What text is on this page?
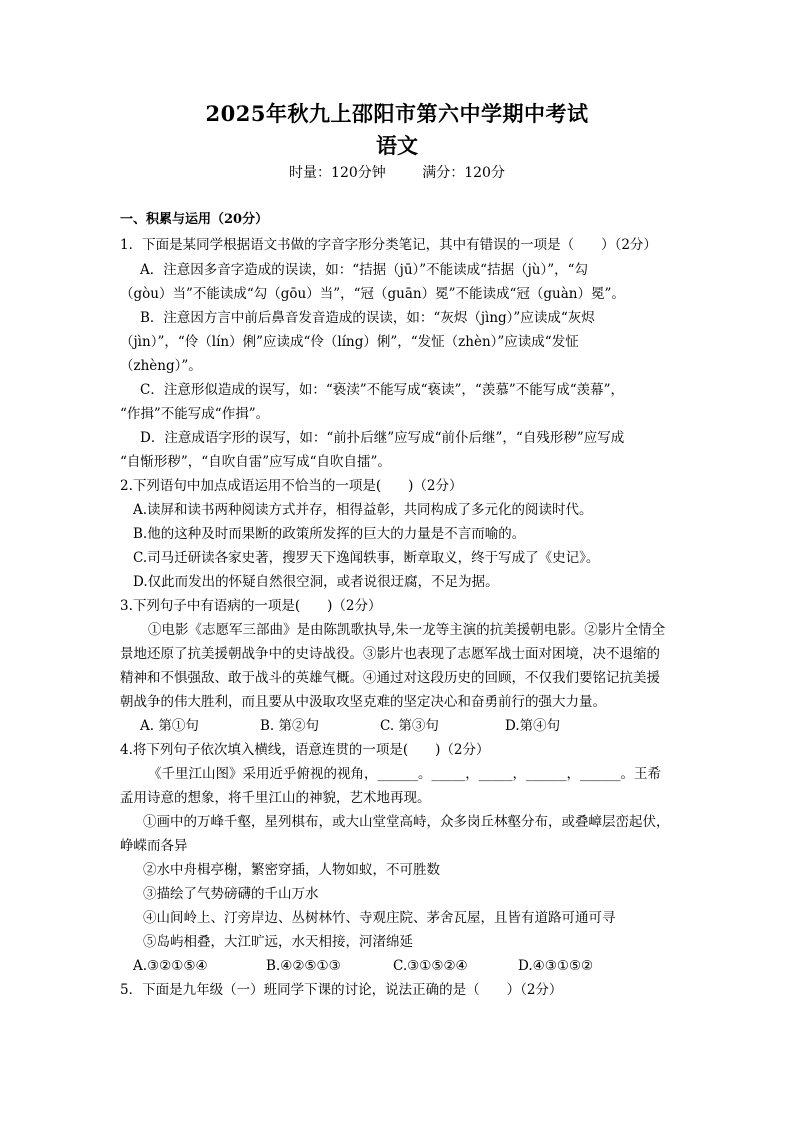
2025年秋九上邵阳市第六中学期中考试
语文
时量：120分钟	满分：120分
一、积累与运用（20分）
1．下面是某同学根据语文书做的字音字形分类笔记，其中有错误的一项是（　　）（2分）
A．注意因多音字造成的误读，如：“拮据（jū）”不能读成“拮据（jù）”，“勾
（gòu）当”不能读成“勾（gōu）当”，“冠（guān）冕”不能读成“冠（guàn）冕”。
B．注意因方言中前后鼻音发音造成的误读，如：“灰烬（jìng）”应读成“灰烬
（jìn）”，“伶（lín）俐”应读成“伶（líng）俐”，“发怔（zhèn）”应读成“发怔
（zhèng）”。
C．注意形似造成的误写，如：“亵渎”不能写成“亵读”，“羡慕”不能写成“羡幕”，
“作揖”不能写成“作揖”。
D．注意成语字形的误写，如：“前扑后继”应写成“前仆后继”，“自残形秽”应写成
“自惭形秽”，“自吹自雷”应写成“自吹自擂”。
2.下列语句中加点成语运用不恰当的一项是(　　)（2分）
A.读屏和读书两种阅读方式并存，相得益彰，共同构成了多元化的阅读时代。
B.他的这种及时而果断的政策所发挥的巨大的力量是不言而喻的。
C.司马迁研读各家史著，搜罗天下逸闻轶事，断章取义，终于写成了《史记》。
D.仅此而发出的怀疑自然很空洞，或者说很迂腐，不足为据。
3.下列句子中有语病的一项是(　　)（2分）
①电影《志愿军三部曲》是由陈凯歌执导,朱一龙等主演的抗美援朝电影。②影片全情全
景地还原了抗美援朝战争中的史诗战役。③影片也表现了志愿军战士面对困境，决不退缩的
精神和不惧强敌、敢于战斗的英雄气概。④通过对这段历史的回顾，不仅我们要铭记抗美援
朝战争的伟大胜利，而且要从中汲取攻坚克难的坚定决心和奋勇前行的强大力量。
A. 第①句	B. 第②句	C. 第③句	D.第④句
4.将下列句子依次填入横线，语意连贯的一项是(　　)（2分）
《千里江山图》采用近乎俯视的视角，______。_____，_____，______，______。王希
孟用诗意的想象，将千里江山的神貌，艺术地再现。
①画中的万峰千壑，星列棋布，或大山堂堂高峙，众多岗丘林壑分布，或叠嶂层峦起伏，
峥嵘而各异
②水中舟楫亭榭，繁密穿插，人物如蚁，不可胜数
③描绘了气势磅礴的千山万水
④山间岭上、汀旁岸边、丛树林竹、寺观庄院、茅舍瓦屋，且皆有道路可通可寻
⑤岛屿相叠，大江旷远，水天相接，河渚绵延
A.③②①⑤④	B.④②⑤①③	C.③①⑤②④	D.④③①⑤②
5．下面是九年级（一）班同学下课的讨论，说法正确的是（　　）（2分）
